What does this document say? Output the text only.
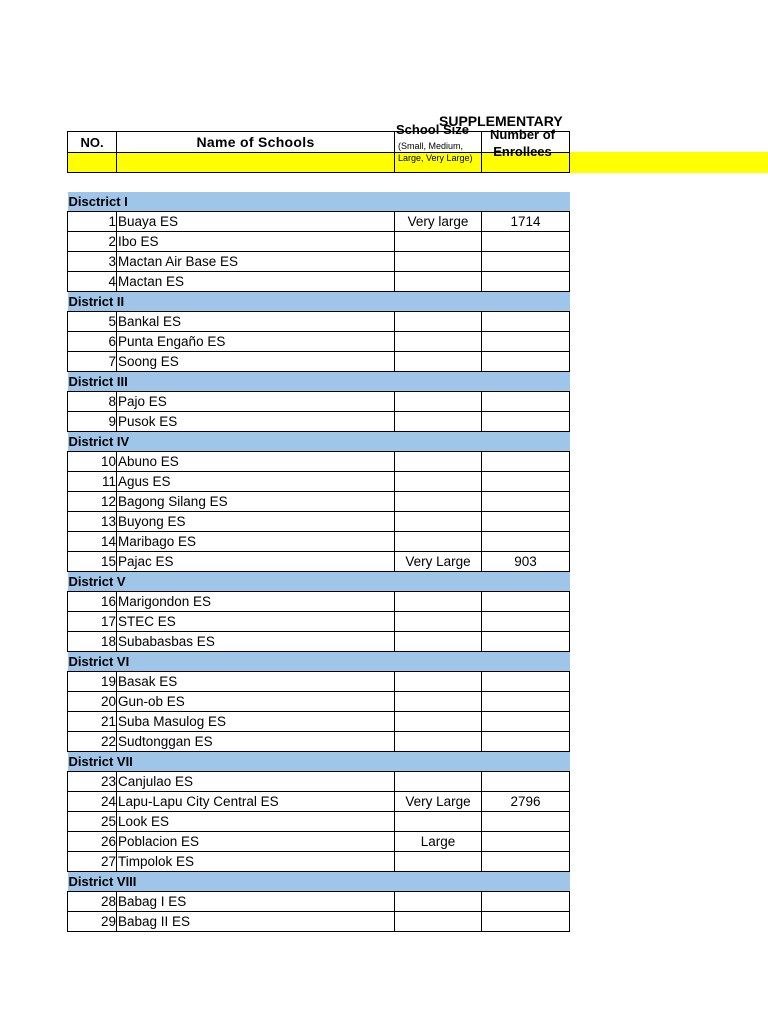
NO.	Name of Schools	School Size	Number of
Enrollees

		(Small, Medium,
Large, Very Large)	

Disctrict I			
1	Buaya ES	Very large	1714
2	Ibo ES		
3	Mactan Air Base ES		
4	Mactan ES		
District II			
5	Bankal ES		
6	Punta Engaño ES		
7	Soong ES		
District III			
8	Pajo ES		
9	Pusok ES		
District IV			
10	Abuno ES		
11	Agus ES		
12	Bagong Silang ES		
13	Buyong ES		
14	Maribago ES		
15	Pajac ES	Very Large	903
District V			
16	Marigondon ES		
17	STEC ES		
18	Subabasbas ES		
District VI			
19	Basak ES		
20	Gun-ob ES		
21	Suba Masulog ES		
22	Sudtonggan ES		
District VII			
23	Canjulao ES		
24	Lapu-Lapu City Central ES	Very Large	2796
25	Look ES		
26	Poblacion ES	Large	
27	Timpolok ES		
District VIII			
28	Babag I ES		
29	Babag II ES		
SUPPLEMENTARY
